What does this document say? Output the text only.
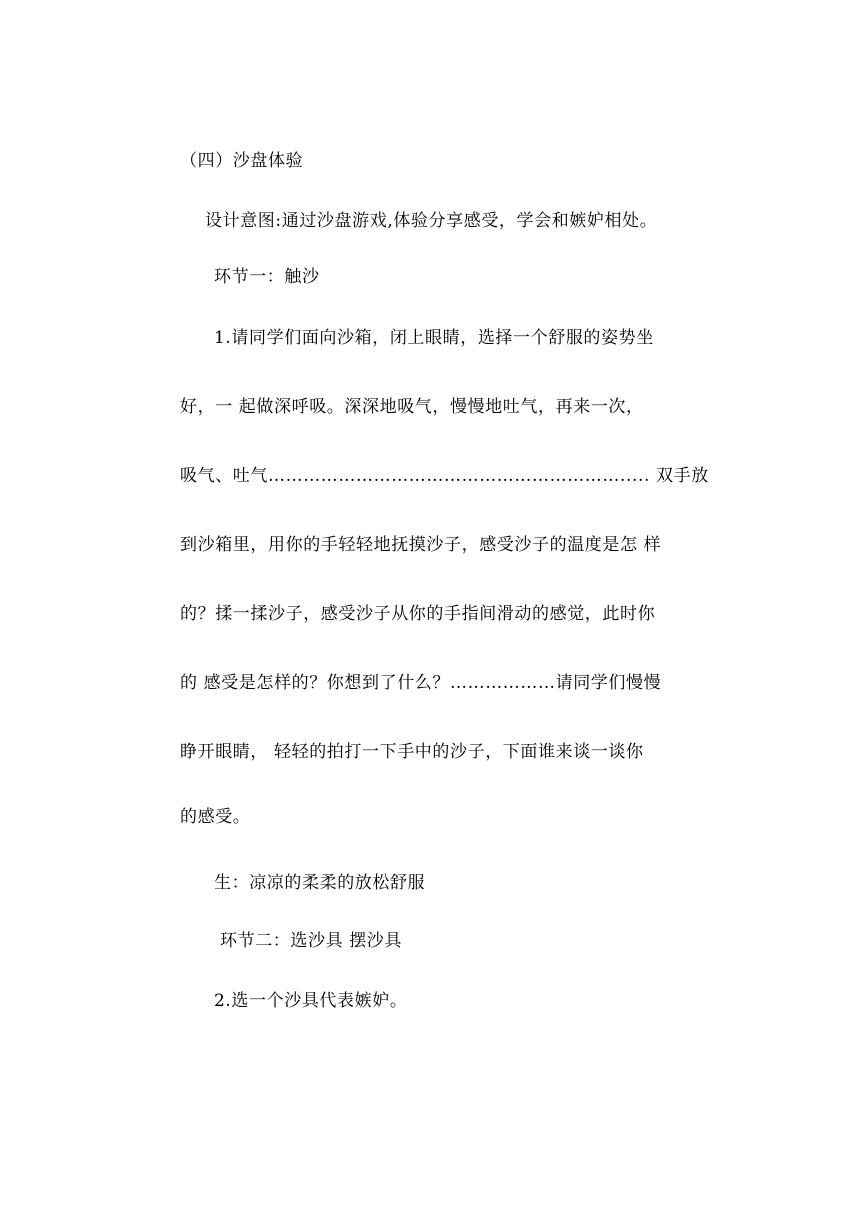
（四）沙盘体验
设计意图:通过沙盘游戏,体验分享感受，学会和嫉妒相处。
环节一：触沙
1.请同学们面向沙箱，闭上眼睛，选择一个舒服的姿势坐
好，一 起做深呼吸。深深地吸气，慢慢地吐气，再来一次，
吸气、吐气……………………………………………………..... 双手放
到沙箱里，用你的手轻轻地抚摸沙子，感受沙子的温度是怎 样
的？揉一揉沙子，感受沙子从你的手指间滑动的感觉，此时你
的 感受是怎样的？你想到了什么？………………请同学们慢慢
睁开眼睛， 轻轻的拍打一下手中的沙子，下面谁来谈一谈你
的感受。
生：凉凉的柔柔的放松舒服
环节二：选沙具 摆沙具
2.选一个沙具代表嫉妒。
